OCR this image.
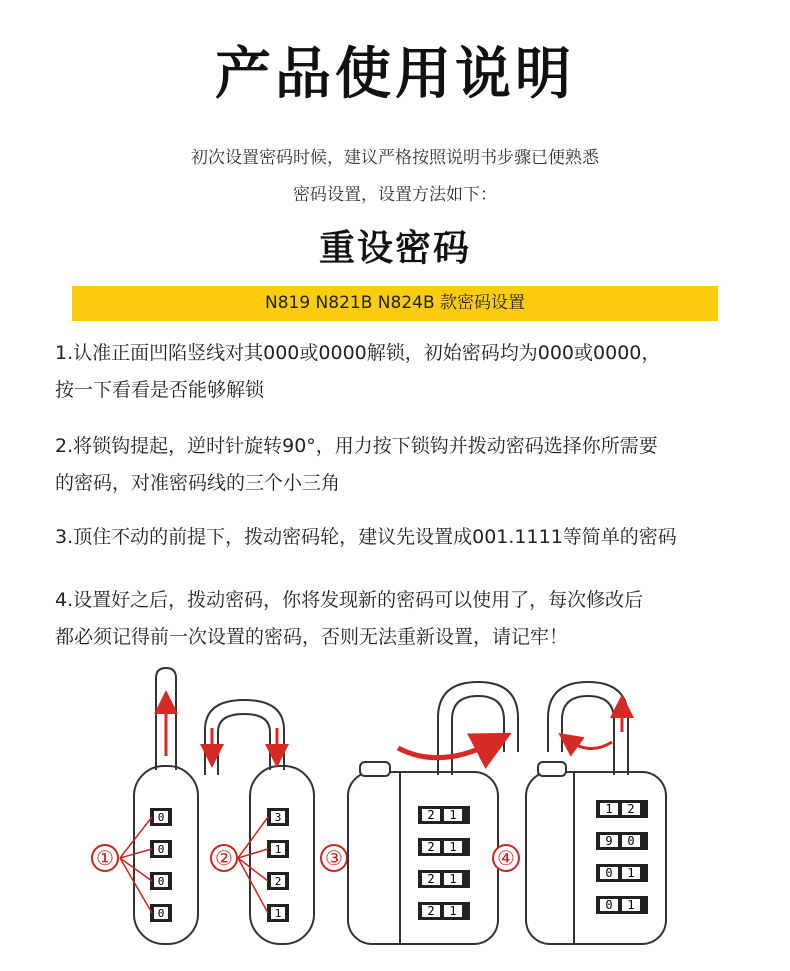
产品使用说明
初次设置密码时候，建议严格按照说明书步骤已便熟悉
密码设置，设置方法如下：
重设密码
N819 N821B N824B 款密码设置
1.认准正面凹陷竖线对其000或0000解锁，初始密码均为000或0000，
按一下看看是否能够解锁
2.将锁钩提起，逆时针旋转90°，用力按下锁钩并拨动密码选择你所需要
的密码，对准密码线的三个小三角
3.顶住不动的前提下，拨动密码轮，建议先设置成001.1111等简单的密码
4.设置好之后，拨动密码，你将发现新的密码可以使用了，每次修改后
都必须记得前一次设置的密码，否则无法重新设置，请记牢！
0
0
0
0
①
3
1
2
1
②	③
2 1
2 1
2 1
2 1
④
1 2
9 0
0 1
0 1
